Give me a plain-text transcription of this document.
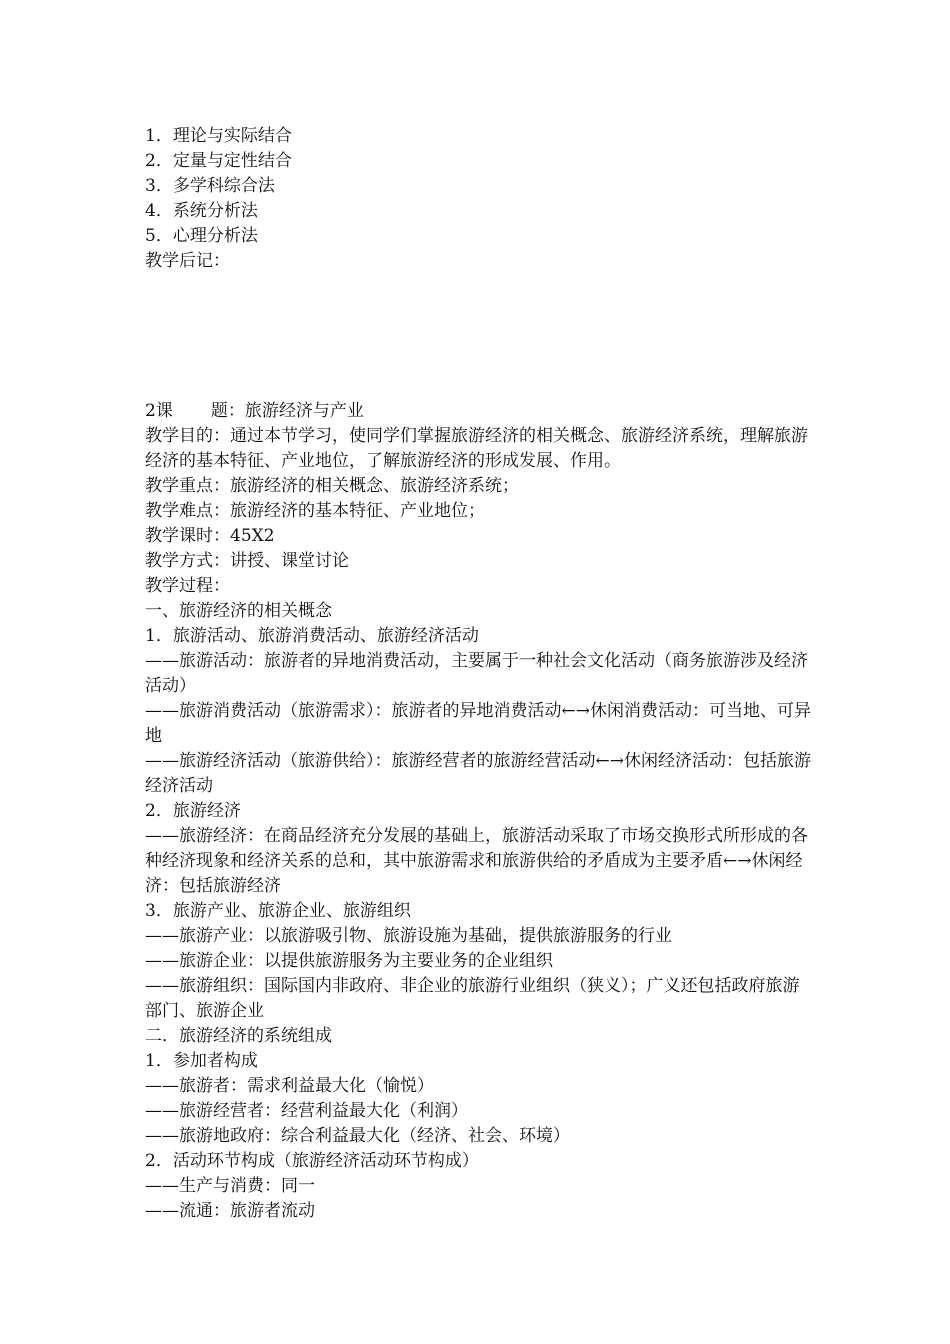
1．理论与实际结合

2．定量与定性结合

3．多学科综合法

4．系统分析法

5．心理分析法

教学后记：

2课 题：旅游经济与产业

教学目的：通过本节学习，使同学们掌握旅游经济的相关概念、旅游经济系统，理解旅游经济的基本特征、产业地位，了解旅游经济的形成发展、作用。

教学重点：旅游经济的相关概念、旅游经济系统；

教学难点：旅游经济的基本特征、产业地位；

教学课时：45X2

教学方式：讲授、课堂讨论

教学过程：

一、旅游经济的相关概念

1．旅游活动、旅游消费活动、旅游经济活动

——旅游活动：旅游者的异地消费活动，主要属于一种社会文化活动（商务旅游涉及经济活动）

——旅游消费活动（旅游需求）：旅游者的异地消费活动←→休闲消费活动：可当地、可异地

——旅游经济活动（旅游供给）：旅游经营者的旅游经营活动←→休闲经济活动：包括旅游经济活动

2．旅游经济

——旅游经济：在商品经济充分发展的基础上，旅游活动采取了市场交换形式所形成的各种经济现象和经济关系的总和，其中旅游需求和旅游供给的矛盾成为主要矛盾←→休闲经济：包括旅游经济

3．旅游产业、旅游企业、旅游组织

——旅游产业：以旅游吸引物、旅游设施为基础，提供旅游服务的行业

——旅游企业：以提供旅游服务为主要业务的企业组织

——旅游组织：国际国内非政府、非企业的旅游行业组织（狭义）；广义还包括政府旅游部门、旅游企业

二．旅游经济的系统组成

1．参加者构成

——旅游者：需求利益最大化（愉悦）

——旅游经营者：经营利益最大化（利润）

——旅游地政府：综合利益最大化（经济、社会、环境）

2．活动环节构成（旅游经济活动环节构成）

——生产与消费：同一

——流通：旅游者流动
